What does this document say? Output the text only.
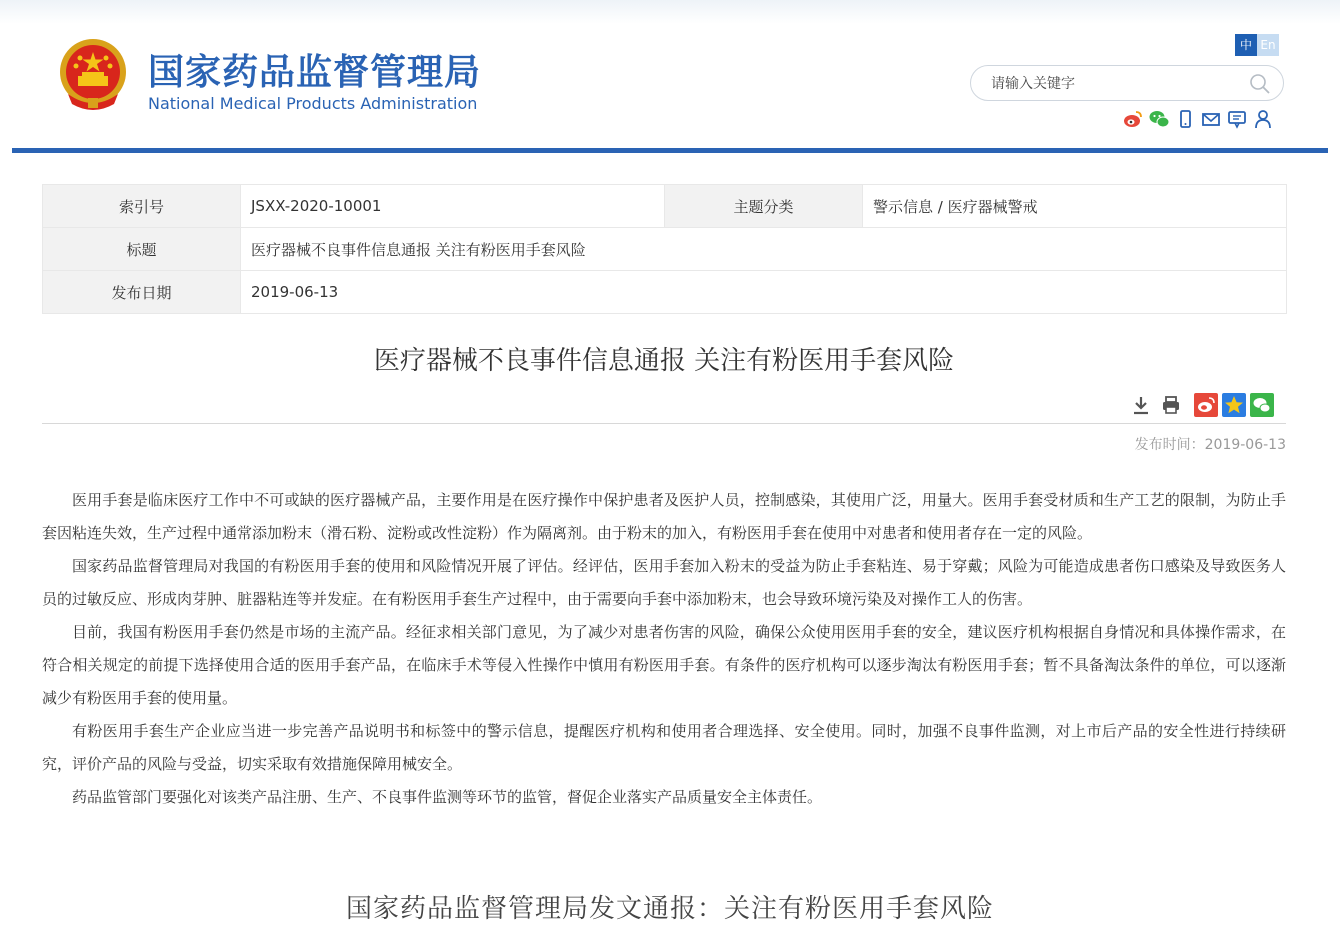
国家药品监督管理局
National Medical Products Administration
中 En
请输入关键字
索引号	JSXX-2020-10001	主题分类	警示信息 / 医疗器械警戒
标题	医疗器械不良事件信息通报 关注有粉医用手套风险		
发布日期	2019-06-13		
医疗器械不良事件信息通报 关注有粉医用手套风险
发布时间：2019-06-13

医用手套是临床医疗工作中不可或缺的医疗器械产品，主要作用是在医疗操作中保护患者及医护人员，控制感染，其使用广泛，用量大。医用手套受材质和生产工艺的限制，为防止手套因粘连失效，生产过程中通常添加粉末（滑石粉、淀粉或改性淀粉）作为隔离剂。由于粉末的加入，有粉医用手套在使用中对患者和使用者存在一定的风险。

国家药品监督管理局对我国的有粉医用手套的使用和风险情况开展了评估。经评估，医用手套加入粉末的受益为防止手套粘连、易于穿戴；风险为可能造成患者伤口感染及导致医务人员的过敏反应、形成肉芽肿、脏器粘连等并发症。在有粉医用手套生产过程中，由于需要向手套中添加粉末，也会导致环境污染及对操作工人的伤害。

目前，我国有粉医用手套仍然是市场的主流产品。经征求相关部门意见，为了减少对患者伤害的风险，确保公众使用医用手套的安全，建议医疗机构根据自身情况和具体操作需求，在符合相关规定的前提下选择使用合适的医用手套产品，在临床手术等侵入性操作中慎用有粉医用手套。有条件的医疗机构可以逐步淘汰有粉医用手套；暂不具备淘汰条件的单位，可以逐渐减少有粉医用手套的使用量。

有粉医用手套生产企业应当进一步完善产品说明书和标签中的警示信息，提醒医疗机构和使用者合理选择、安全使用。同时，加强不良事件监测，对上市后产品的安全性进行持续研究，评价产品的风险与受益，切实采取有效措施保障用械安全。

药品监管部门要强化对该类产品注册、生产、不良事件监测等环节的监管，督促企业落实产品质量安全主体责任。

国家药品监督管理局发文通报：关注有粉医用手套风险
